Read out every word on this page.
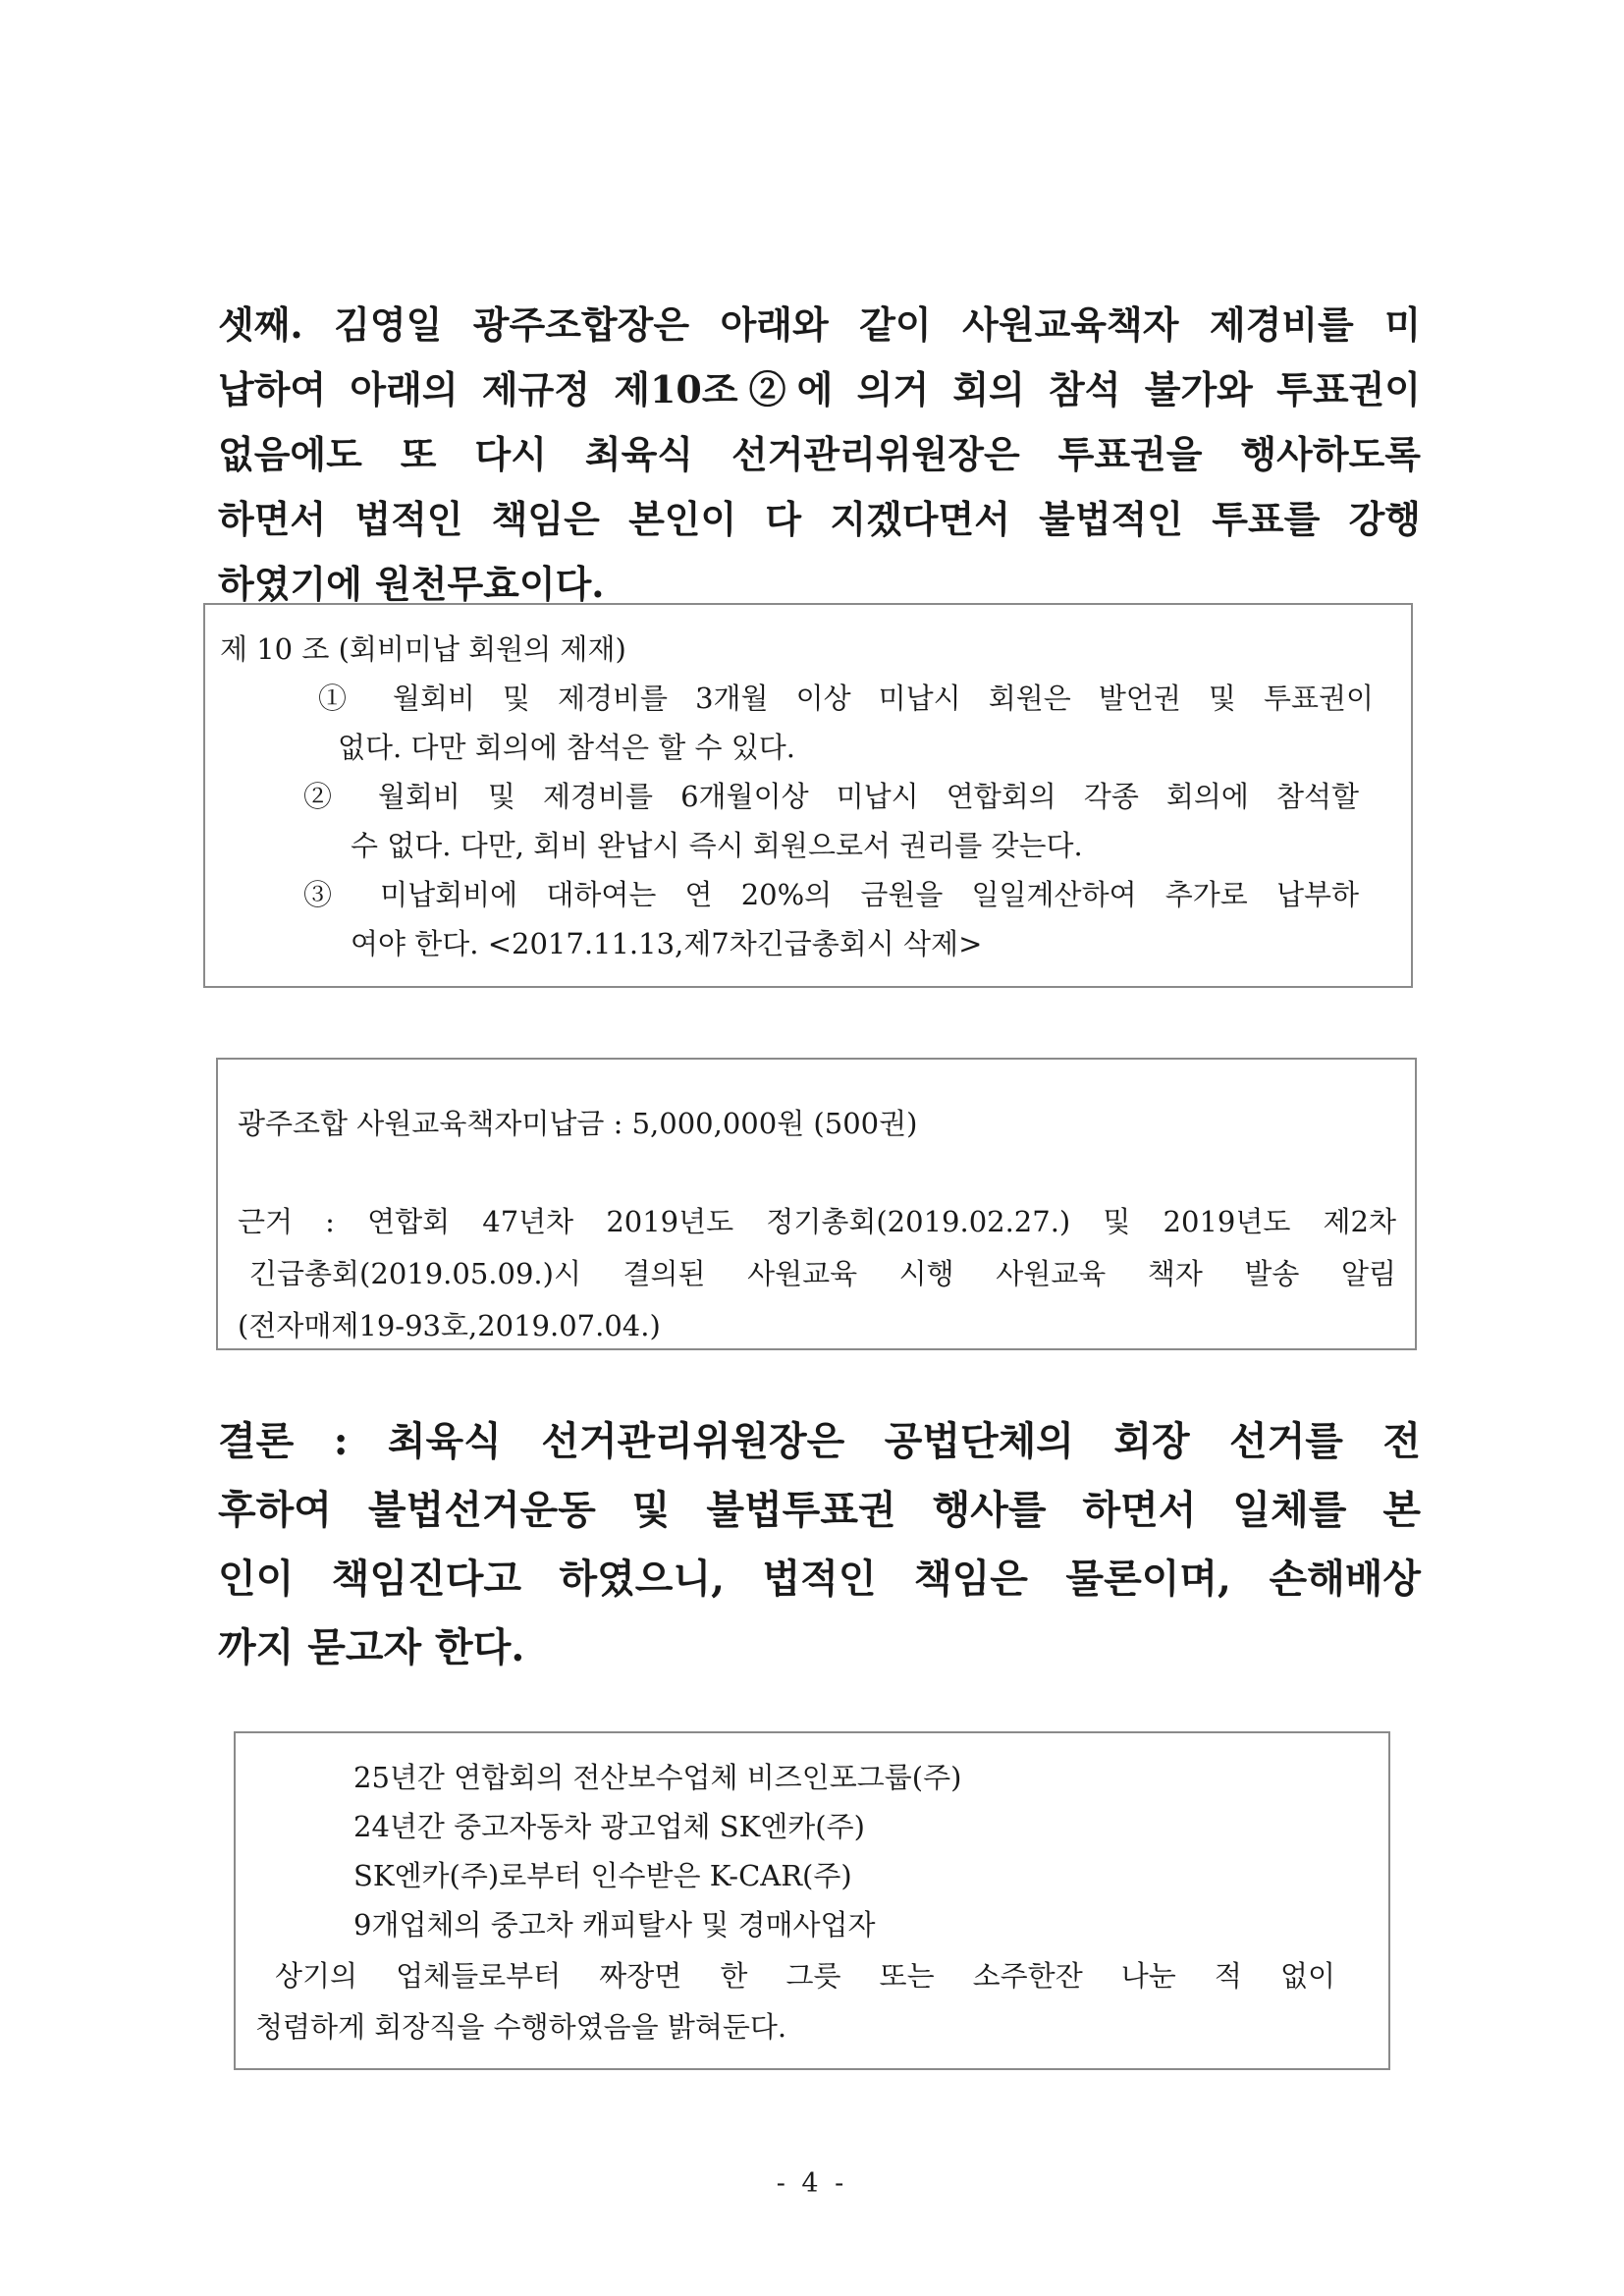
셋째. 김영일 광주조합장은 아래와 같이 사원교육책자 제경비를 미
납하여 아래의 제규정 제10조②에 의거 회의 참석 불가와 투표권이
없음에도 또 다시 최육식 선거관리위원장은 투표권을 행사하도록
하면서 법적인 책임은 본인이 다 지겠다면서 불법적인 투표를 강행
하였기에 원천무효이다.

제 10 조 (회비미납 회원의 제재)
① 월회비 및 제경비를 3개월 이상 미납시 회원은 발언권 및 투표권이
없다. 다만 회의에 참석은 할 수 있다.
② 월회비 및 제경비를 6개월이상 미납시 연합회의 각종 회의에 참석할
수 없다. 다만, 회비 완납시 즉시 회원으로서 권리를 갖는다.
③ 미납회비에 대하여는 연 20%의 금원을 일일계산하여 추가로 납부하
여야 한다. <2017.11.13,제7차긴급총회시 삭제>
광주조합 사원교육책자미납금 : 5,000,000원 (500권)
근거 : 연합회 47년차 2019년도 정기총회(2019.02.27.) 및 2019년도 제2차
긴급총회(2019.05.09.)시 결의된 사원교육 시행 사원교육 책자 발송 알림
(전자매제19-93호,2019.07.04.)

결론 : 최육식 선거관리위원장은 공법단체의 회장 선거를 전
후하여 불법선거운동 및 불법투표권 행사를 하면서 일체를 본
인이 책임진다고 하였으니, 법적인 책임은 물론이며, 손해배상
까지 묻고자 한다.

25년간 연합회의 전산보수업체 비즈인포그룹(주)
24년간 중고자동차 광고업체 SK엔카(주)
SK엔카(주)로부터 인수받은 K-CAR(주)
9개업체의 중고차 캐피탈사 및 경매사업자
상기의 업체들로부터 짜장면 한 그릇 또는 소주한잔 나눈 적 없이
청렴하게 회장직을 수행하였음을 밝혀둔다.
- 4 -
